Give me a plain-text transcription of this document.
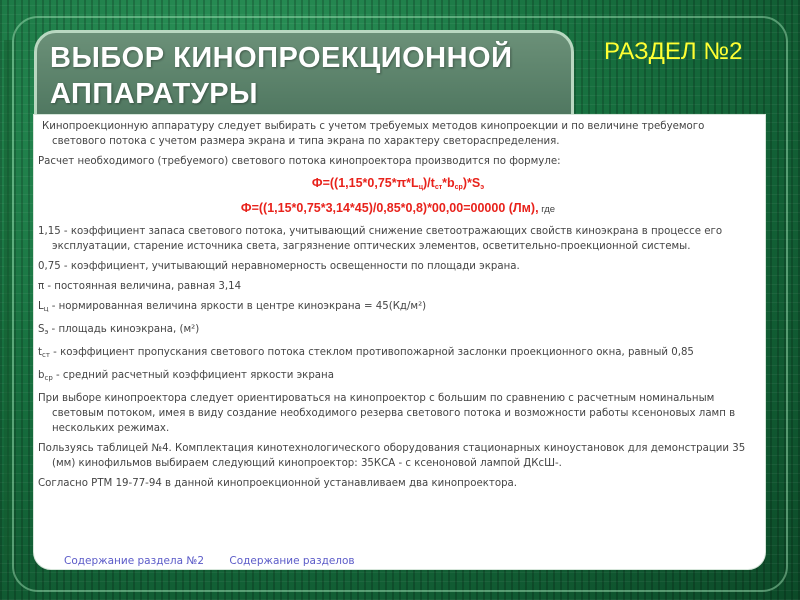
ВЫБОР КИНОПРОЕКЦИОННОЙ
АППАРАТУРЫ
РАЗДЕЛ №2

Кинопроекционную аппаратуру следует выбирать с учетом требуемых методов кинопроекции и по величине требуемого светового потока с учетом размера экрана и типа экрана по характеру светораспределения.

Расчет необходимого (требуемого) светового потока кинопроектора производится по формуле:

$Ф=((1,15*0,75*\pi*L_ц)/t_{ст}*b_{ср})*S_э$
Ф=((1,15*0,75*3,14*45)/0,85*0,8)*00,00=00000 (Лм), где

1,15 - коэффициент запаса светового потока, учитывающий снижение светоотражающих свойств киноэкрана в процессе его эксплуатации, старение источника света, загрязнение оптических элементов, осветительно-проекционной системы.

0,75 - коэффициент, учитывающий неравномерность освещенности по площади экрана.

π - постоянная величина, равная 3,14

$L_ц$ - нормированная величина яркости в центре киноэкрана = 45(Кд/м²)

$S_э$ - площадь киноэкрана, (м²)

$t_{ст}$ - коэффициент пропускания светового потока стеклом противопожарной заслонки проекционного окна, равный 0,85

$b_{ср}$ - средний расчетный коэффициент яркости экрана

При выборе кинопроектора следует ориентироваться на кинопроектор с большим по сравнению с расчетным номинальным световым потоком, имея в виду создание необходимого резерва светового потока и возможности работы ксеноновых ламп в нескольких режимах.

Пользуясь таблицей №4. Комплектация кинотехнологического оборудования стационарных киноустановок для демонстрации 35 (мм) кинофильмов выбираем следующий кинопроектор: 35КСА - с ксеноновой лампой ДКсШ-.

Согласно РТМ 19-77-94 в данной кинопроекционной устанавливаем два кинопроектора.

Содержание раздела №2 Содержание разделов
